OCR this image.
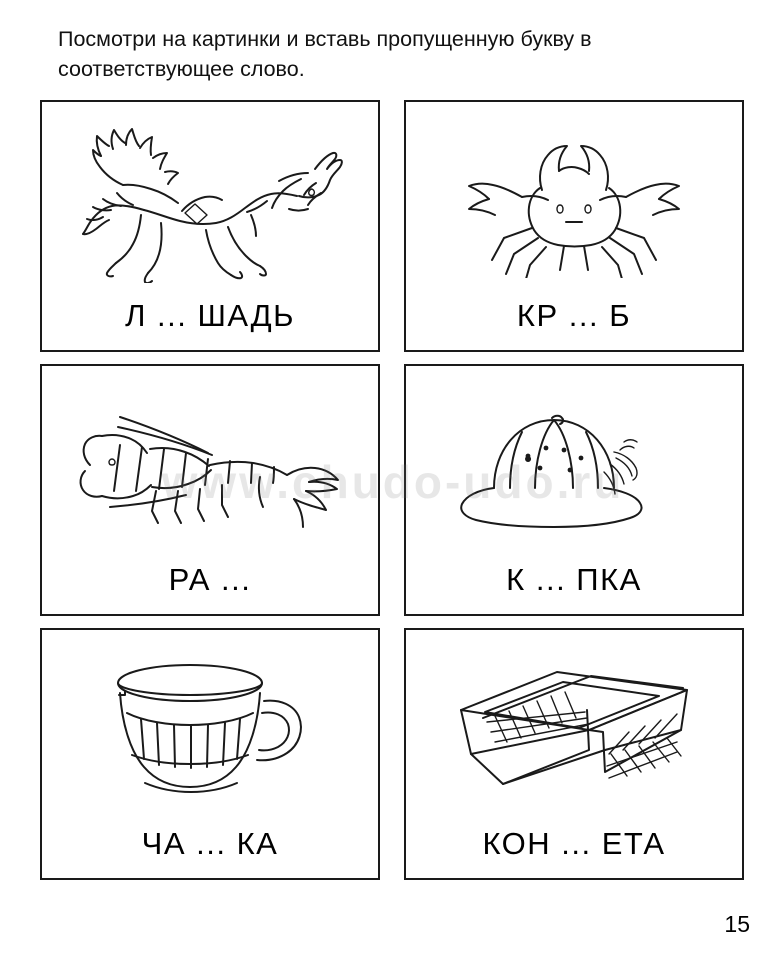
Посмотри на картинки и вставь пропущенную букву в соответствующее слово.
Л ... ШАДЬ	КР ... Б
РА ...	К ... ПКА
ЧА ... КА	КОН ... ЕТА
www.chudo-udo.ru
15
